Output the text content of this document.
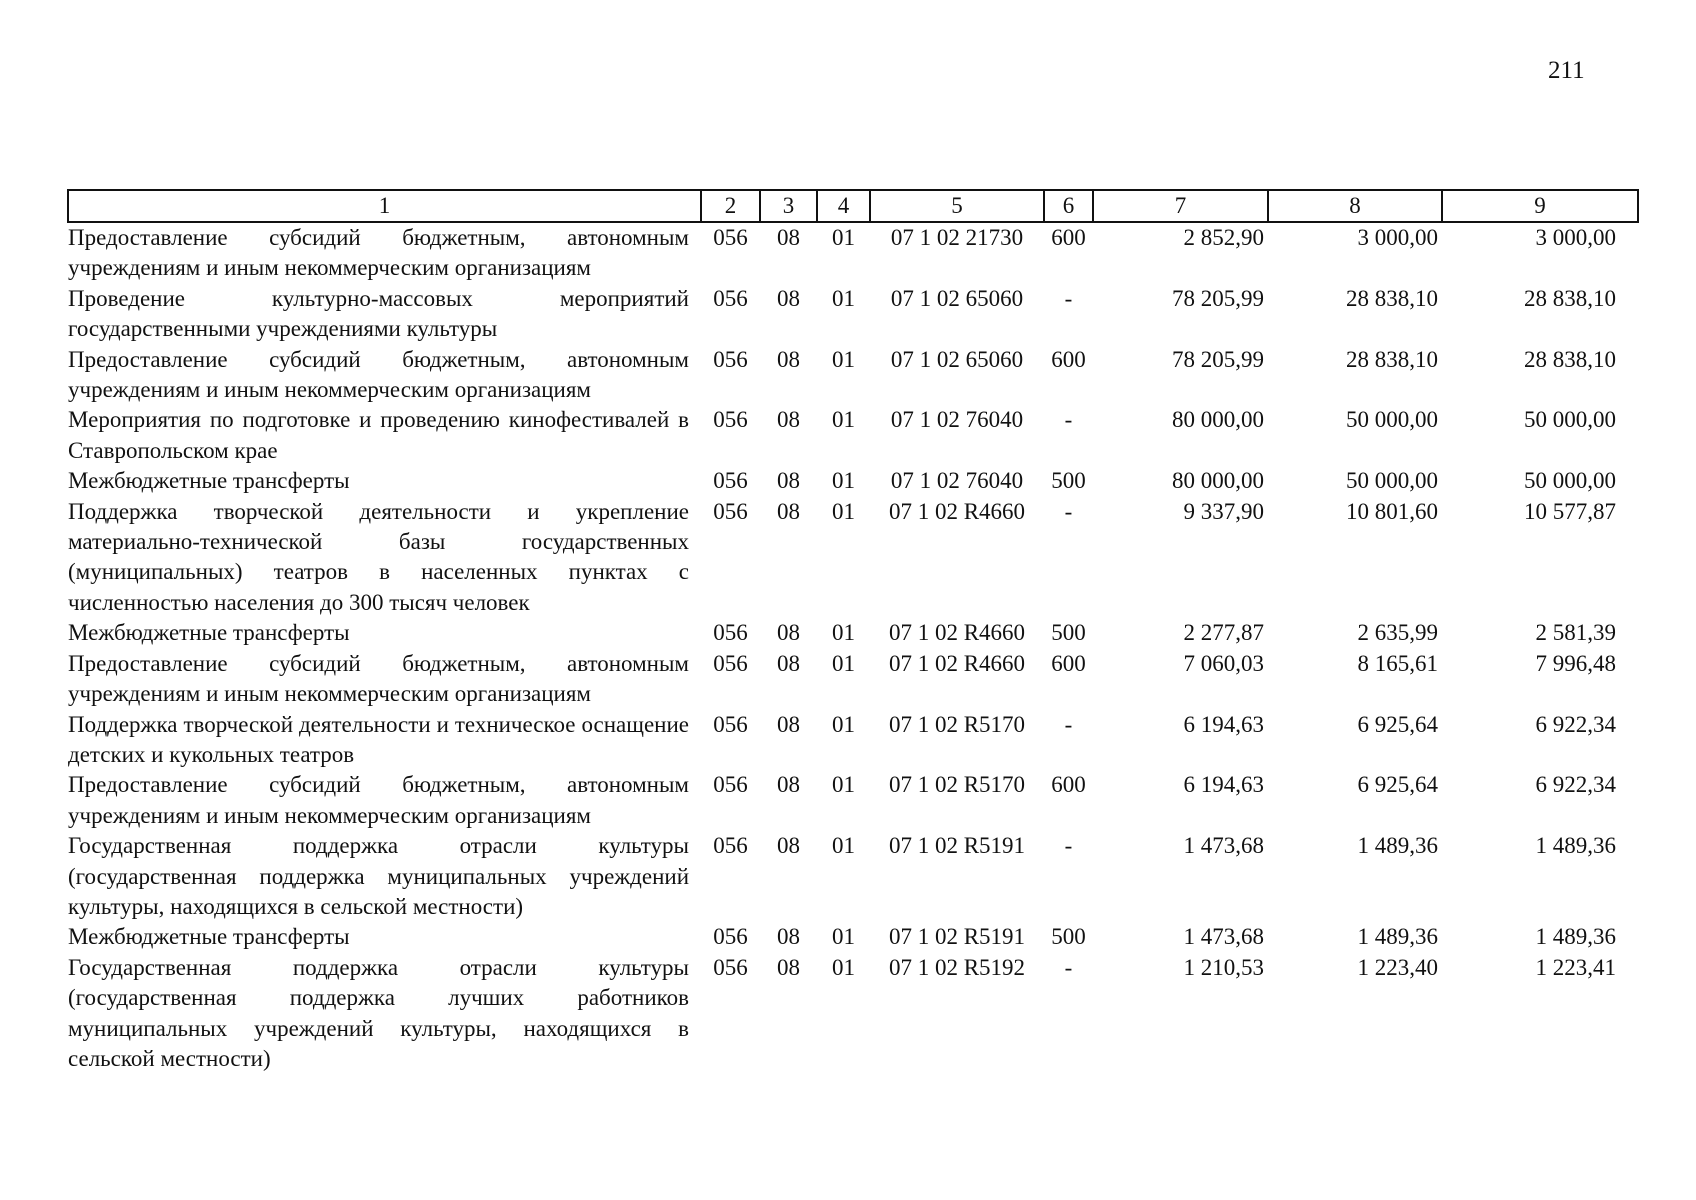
211
1	2	3	4	5	6	7	8	9
Предоставление субсидий бюджетным, автономным учреждениям и иным некоммерческим организациям	056	08	01	07 1 02 21730	600	2 852,90	3 000,00	3 000,00
Проведение культурно-массовых мероприятий государственными учреждениями культуры	056	08	01	07 1 02 65060	-	78 205,99	28 838,10	28 838,10
Предоставление субсидий бюджетным, автономным учреждениям и иным некоммерческим организациям	056	08	01	07 1 02 65060	600	78 205,99	28 838,10	28 838,10
Мероприятия по подготовке и проведению кинофестивалей в Ставропольском крае	056	08	01	07 1 02 76040	-	80 000,00	50 000,00	50 000,00
Межбюджетные трансферты	056	08	01	07 1 02 76040	500	80 000,00	50 000,00	50 000,00
Поддержка творческой деятельности и укрепление материально-технической базы государственных (муниципальных) театров в населенных пунктах с численностью населения до 300 тысяч человек	056	08	01	07 1 02 R4660	-	9 337,90	10 801,60	10 577,87
Межбюджетные трансферты	056	08	01	07 1 02 R4660	500	2 277,87	2 635,99	2 581,39
Предоставление субсидий бюджетным, автономным учреждениям и иным некоммерческим организациям	056	08	01	07 1 02 R4660	600	7 060,03	8 165,61	7 996,48
Поддержка творческой деятельности и техническое оснащение детских и кукольных театров	056	08	01	07 1 02 R5170	-	6 194,63	6 925,64	6 922,34
Предоставление субсидий бюджетным, автономным учреждениям и иным некоммерческим организациям	056	08	01	07 1 02 R5170	600	6 194,63	6 925,64	6 922,34
Государственная поддержка отрасли культуры (государственная поддержка муниципальных учреждений культуры, находящихся в сельской местности)	056	08	01	07 1 02 R5191	-	1 473,68	1 489,36	1 489,36
Межбюджетные трансферты	056	08	01	07 1 02 R5191	500	1 473,68	1 489,36	1 489,36
Государственная поддержка отрасли культуры (государственная поддержка лучших работников муниципальных учреждений культуры, находящихся в сельской местности)	056	08	01	07 1 02 R5192	-	1 210,53	1 223,40	1 223,41
